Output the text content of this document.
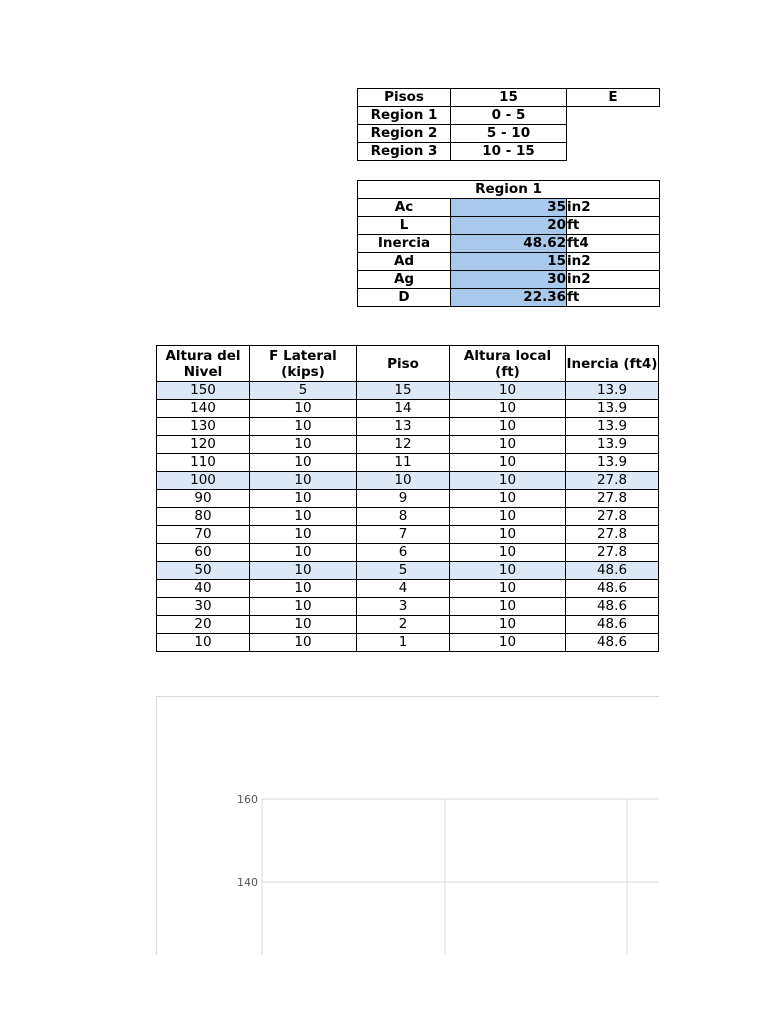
Pisos	15	E
Region 1	0 - 5	
Region 2	5 - 10	
Region 3	10 - 15	
Region 1		
Ac	35	in2
L	20	ft
Inercia	48.62	ft4
Ad	15	in2
Ag	30	in2
D	22.36	ft
Altura del Nivel	F Lateral (kips)	Piso	Altura local (ft)	Inercia (ft4)
150	5	15	10	13.9
140	10	14	10	13.9
130	10	13	10	13.9
120	10	12	10	13.9
110	10	11	10	13.9
100	10	10	10	27.8
90	10	9	10	27.8
80	10	8	10	27.8
70	10	7	10	27.8
60	10	6	10	27.8
50	10	5	10	48.6
40	10	4	10	48.6
30	10	3	10	48.6
20	10	2	10	48.6
10	10	1	10	48.6
160
140
